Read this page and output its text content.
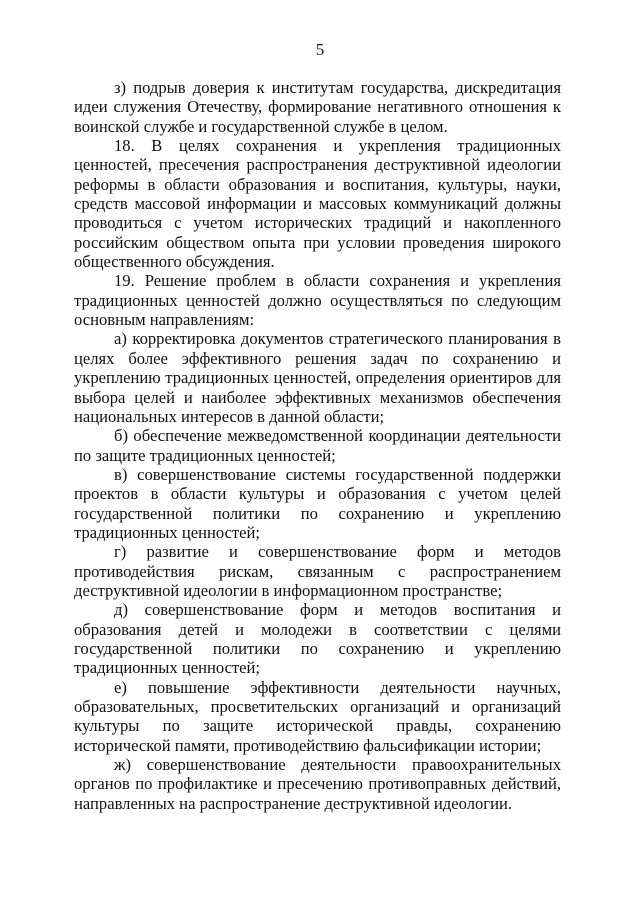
5

з) подрыв доверия к институтам государства, дискредитация идеи служения Отечеству, формирование негативного отношения к воинской службе и государственной службе в целом.

18. В целях сохранения и укрепления традиционных ценностей, пресечения распространения деструктивной идеологии реформы в области образования и воспитания, культуры, науки, средств массовой информации и массовых коммуникаций должны проводиться с учетом исторических традиций и накопленного российским обществом опыта при условии проведения широкого общественного обсуждения.

19. Решение проблем в области сохранения и укрепления традиционных ценностей должно осуществляться по следующим основным направлениям:

а) корректировка документов стратегического планирования в целях более эффективного решения задач по сохранению и укреплению традиционных ценностей, определения ориентиров для выбора целей и наиболее эффективных механизмов обеспечения национальных интересов в данной области;

б) обеспечение межведомственной координации деятельности по защите традиционных ценностей;

в) совершенствование системы государственной поддержки проектов в области культуры и образования с учетом целей государственной политики по сохранению и укреплению традиционных ценностей;

г) развитие и совершенствование форм и методов противодействия рискам, связанным с распространением деструктивной идеологии в информационном пространстве;

д) совершенствование форм и методов воспитания и образования детей и молодежи в соответствии с целями государственной политики по сохранению и укреплению традиционных ценностей;

е) повышение эффективности деятельности научных, образовательных, просветительских организаций и организаций культуры по защите исторической правды, сохранению исторической памяти, противодействию фальсификации истории;

ж) совершенствование деятельности правоохранительных органов по профилактике и пресечению противоправных действий, направленных на распространение деструктивной идеологии.
